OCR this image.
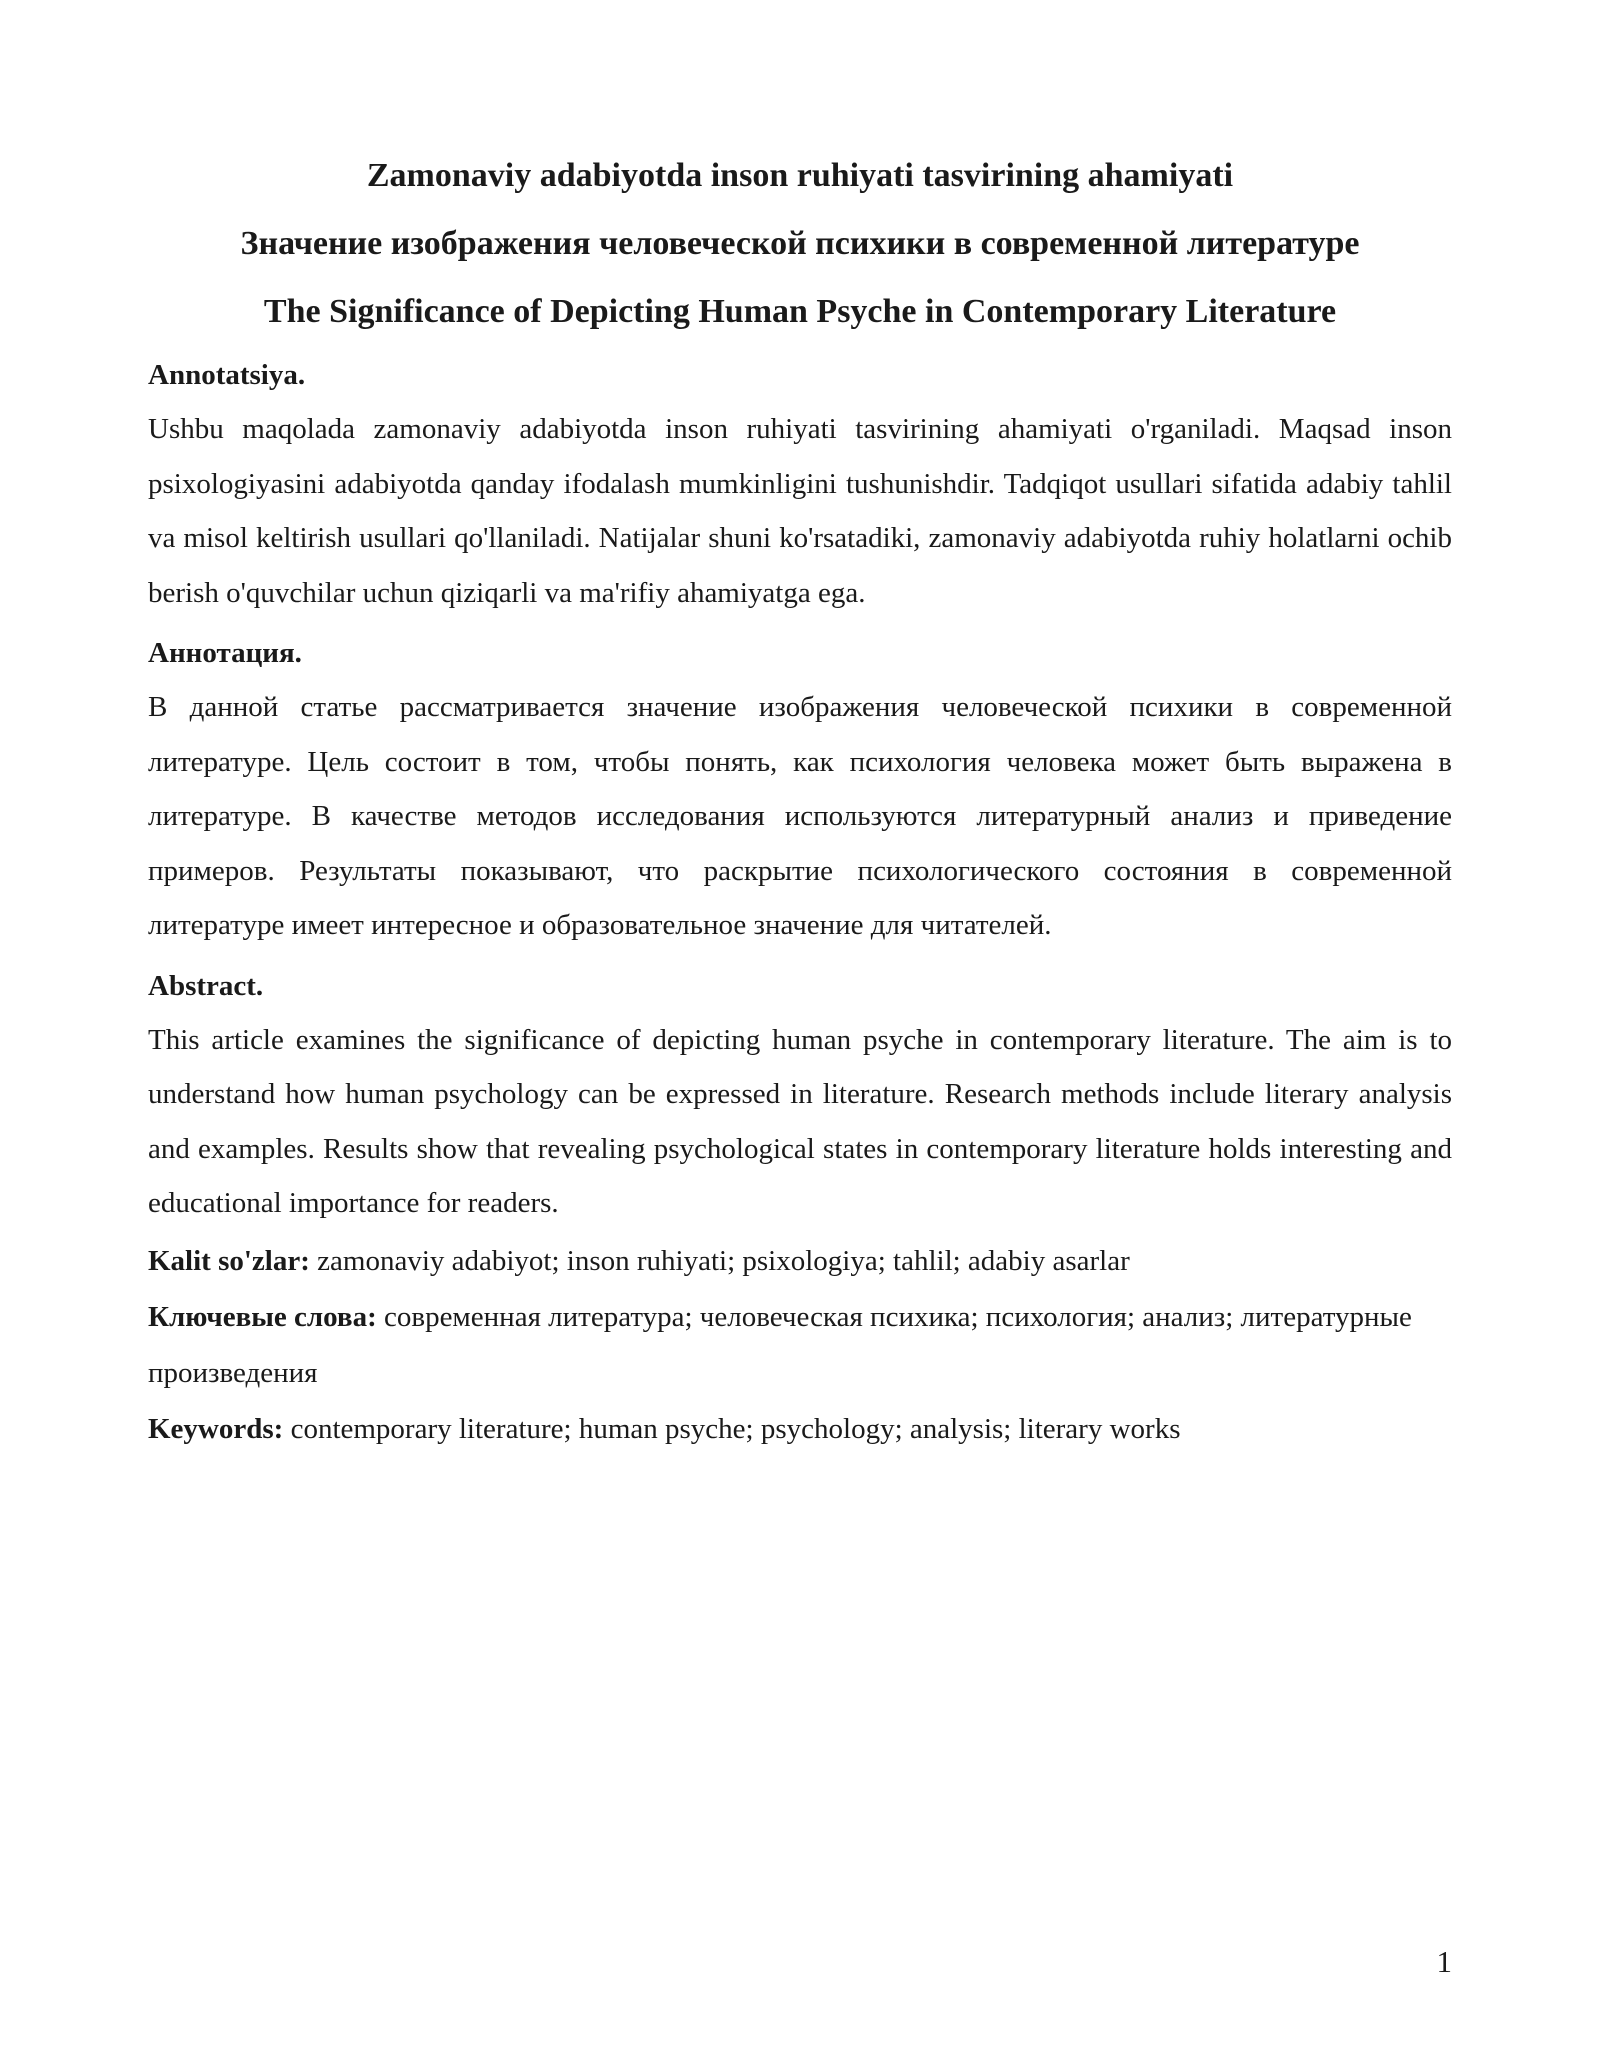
Zamonaviy adabiyotda inson ruhiyati tasvirining ahamiyati

Значение изображения человеческой психики в современной литературе

The Significance of Depicting Human Psyche in Contemporary Literature

Annotatsiya.

Ushbu maqolada zamonaviy adabiyotda inson ruhiyati tasvirining ahamiyati o'rganiladi. Maqsad inson psixologiyasini adabiyotda qanday ifodalash mumkinligini tushunishdir. Tadqiqot usullari sifatida adabiy tahlil va misol keltirish usullari qo'llaniladi. Natijalar shuni ko'rsatadiki, zamonaviy adabiyotda ruhiy holatlarni ochib berish o'quvchilar uchun qiziqarli va ma'rifiy ahamiyatga ega.

Аннотация.

В данной статье рассматривается значение изображения человеческой психики в современной литературе. Цель состоит в том, чтобы понять, как психология человека может быть выражена в литературе. В качестве методов исследования используются литературный анализ и приведение примеров. Результаты показывают, что раскрытие психологического состояния в современной литературе имеет интересное и образовательное значение для читателей.

Abstract.

This article examines the significance of depicting human psyche in contemporary literature. The aim is to understand how human psychology can be expressed in literature. Research methods include literary analysis and examples. Results show that revealing psychological states in contemporary literature holds interesting and educational importance for readers.

Kalit so'zlar: zamonaviy adabiyot; inson ruhiyati; psixologiya; tahlil; adabiy asarlar

Ключевые слова: современная литература; человеческая психика; психология; анализ; литературные произведения

Keywords: contemporary literature; human psyche; psychology; analysis; literary works

1
